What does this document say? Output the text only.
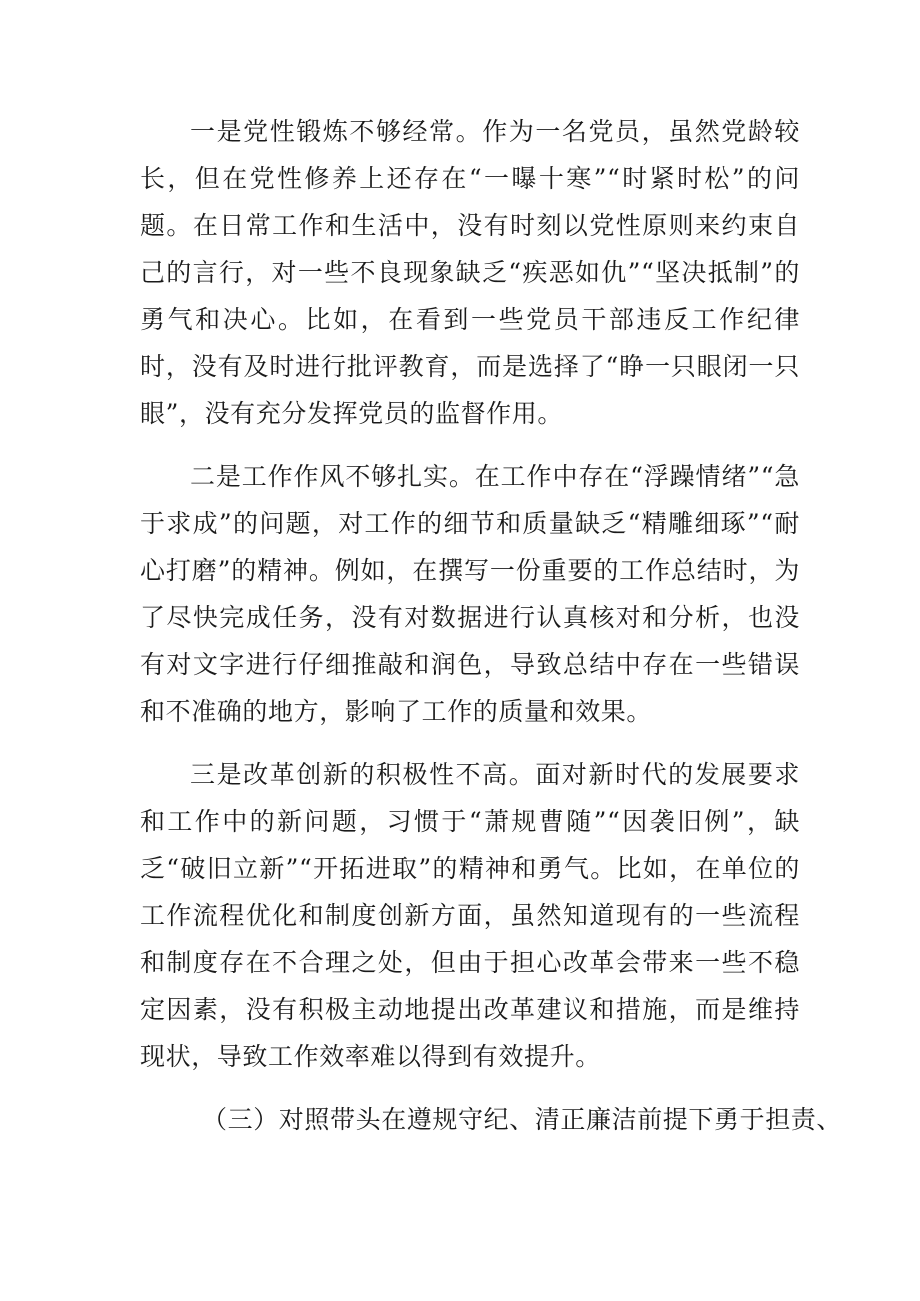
一是党性锻炼不够经常。作为一名党员，虽然党龄较长，但在党性修养上还存在“一曝十寒”“时紧时松”的问题。在日常工作和生活中，没有时刻以党性原则来约束自己的言行，对一些不良现象缺乏“疾恶如仇”“坚决抵制”的勇气和决心。比如，在看到一些党员干部违反工作纪律时，没有及时进行批评教育，而是选择了“睁一只眼闭一只眼”，没有充分发挥党员的监督作用。

二是工作作风不够扎实。在工作中存在“浮躁情绪”“急于求成”的问题，对工作的细节和质量缺乏“精雕细琢”“耐心打磨”的精神。例如，在撰写一份重要的工作总结时，为了尽快完成任务，没有对数据进行认真核对和分析，也没有对文字进行仔细推敲和润色，导致总结中存在一些错误和不准确的地方，影响了工作的质量和效果。

三是改革创新的积极性不高。面对新时代的发展要求和工作中的新问题，习惯于“萧规曹随”“因袭旧例”，缺乏“破旧立新”“开拓进取”的精神和勇气。比如，在单位的工作流程优化和制度创新方面，虽然知道现有的一些流程和制度存在不合理之处，但由于担心改革会带来一些不稳定因素，没有积极主动地提出改革建议和措施，而是维持现状，导致工作效率难以得到有效提升。

（三）对照带头在遵规守纪、清正廉洁前提下勇于担责、
